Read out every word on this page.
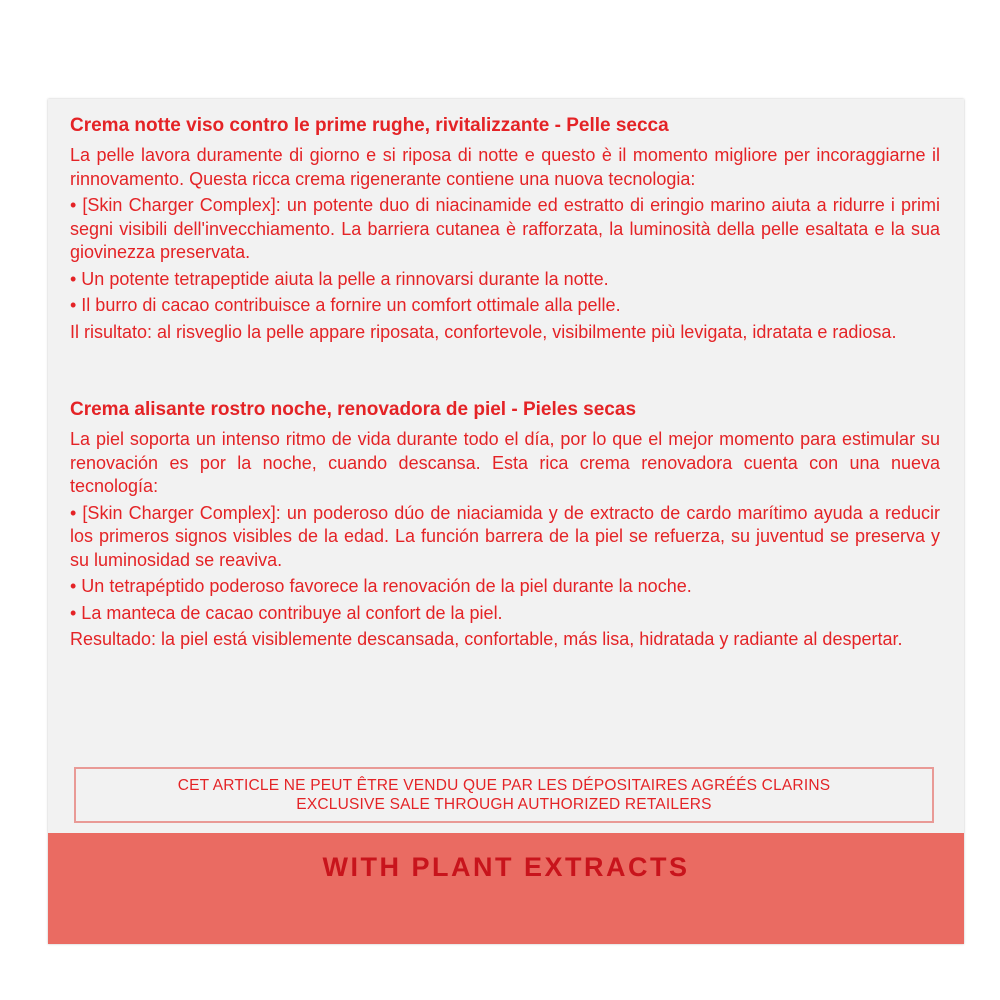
WITH PLANT EXTRACTS
Crema notte viso contro le prime rughe, rivitalizzante - Pelle secca

La pelle lavora duramente di giorno e si riposa di notte e questo è il momento migliore per incoraggiarne il rinnovamento. Questa ricca crema rigenerante contiene una nuova tecnologia:

• [Skin Charger Complex]: un potente duo di niacinamide ed estratto di eringio marino aiuta a ridurre i primi segni visibili dell'invecchiamento. La barriera cutanea è rafforzata, la luminosità della pelle esaltata e la sua giovinezza preservata.

• Un potente tetrapeptide aiuta la pelle a rinnovarsi durante la notte.

• Il burro di cacao contribuisce a fornire un comfort ottimale alla pelle.

Il risultato: al risveglio la pelle appare riposata, confortevole, visibilmente più levigata, idratata e radiosa.

Crema alisante rostro noche, renovadora de piel - Pieles secas

La piel soporta un intenso ritmo de vida durante todo el día, por lo que el mejor momento para estimular su renovación es por la noche, cuando descansa. Esta rica crema renovadora cuenta con una nueva tecnología:

• [Skin Charger Complex]: un poderoso dúo de niaciamida y de extracto de cardo marítimo ayuda a reducir los primeros signos visibles de la edad. La función barrera de la piel se refuerza, su juventud se preserva y su luminosidad se reaviva.

• Un tetrapéptido poderoso favorece la renovación de la piel durante la noche.

• La manteca de cacao contribuye al confort de la piel.

Resultado: la piel está visiblemente descansada, confortable, más lisa, hidratada y radiante al despertar.

CET ARTICLE NE PEUT ÊTRE VENDU QUE PAR LES DÉPOSITAIRES AGRÉÉS CLARINS
EXCLUSIVE SALE THROUGH AUTHORIZED RETAILERS
